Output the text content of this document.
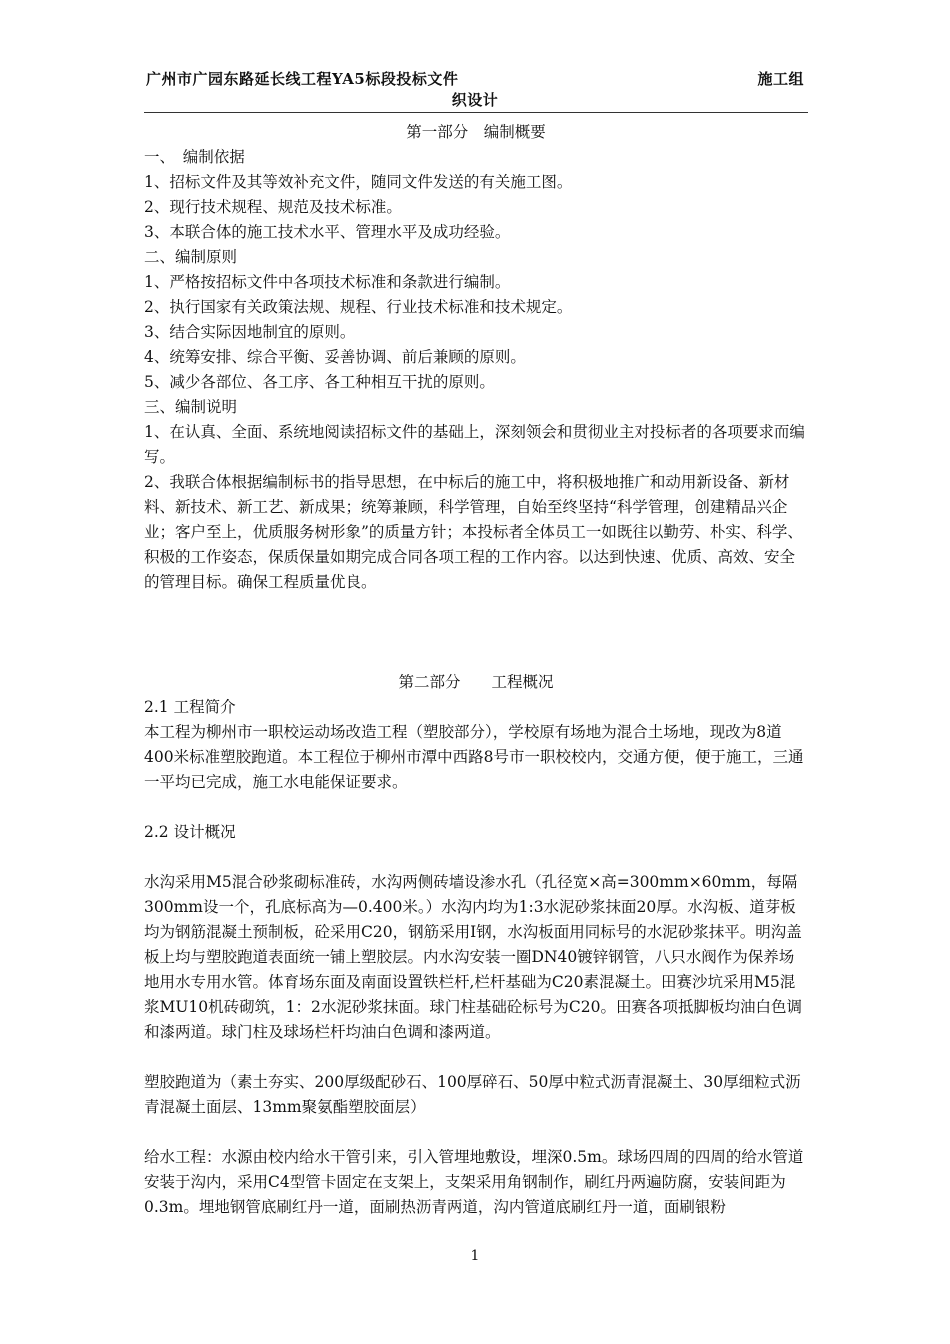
广州市广园东路延长线工程YA5标段投标文件	施工组
织设计

第一部分　编制概要

一、　编制依据

1、招标文件及其等效补充文件，随同文件发送的有关施工图。

2、现行技术规程、规范及技术标准。

3、本联合体的施工技术水平、管理水平及成功经验。

二、编制原则

1、严格按招标文件中各项技术标准和条款进行编制。

2、执行国家有关政策法规、规程、行业技术标准和技术规定。

3、结合实际因地制宜的原则。

4、统筹安排、综合平衡、妥善协调、前后兼顾的原则。

5、减少各部位、各工序、各工种相互干扰的原则。

三、编制说明

1、在认真、全面、系统地阅读招标文件的基础上，深刻领会和贯彻业主对投标者的各项要求而编写。

2、我联合体根据编制标书的指导思想，在中标后的施工中，将积极地推广和动用新设备、新材料、新技术、新工艺、新成果；统筹兼顾，科学管理，自始至终坚持“科学管理，创建精品兴企业；客户至上，优质服务树形象”的质量方针；本投标者全体员工一如既往以勤劳、朴实、科学、积极的工作姿态，保质保量如期完成合同各项工程的工作内容。以达到快速、优质、高效、安全的管理目标。确保工程质量优良。

第二部分　　工程概况

2.1 工程简介

本工程为柳州市一职校运动场改造工程（塑胶部分），学校原有场地为混合土场地，现改为8道400米标准塑胶跑道。本工程位于柳州市潭中西路8号市一职校校内，交通方便，便于施工，三通一平均已完成，施工水电能保证要求。

2.2 设计概况

水沟采用M5混合砂浆砌标准砖，水沟两侧砖墙设渗水孔（孔径宽×高=300mm×60mm，每隔300mm设一个，孔底标高为—0.400米。）水沟内均为1:3水泥砂浆抹面20厚。水沟板、道芽板均为钢筋混凝土预制板，砼采用C20，钢筋采用I钢，水沟板面用同标号的水泥砂浆抹平。明沟盖板上均与塑胶跑道表面统一铺上塑胶层。内水沟安装一圈DN40镀锌钢管，八只水阀作为保养场地用水专用水管。体育场东面及南面设置铁栏杆,栏杆基础为C20素混凝土。田赛沙坑采用M5混浆MU10机砖砌筑，1：2水泥砂浆抹面。球门柱基础砼标号为C20。田赛各项抵脚板均油白色调和漆两道。球门柱及球场栏杆均油白色调和漆两道。

塑胶跑道为（素土夯实、200厚级配砂石、100厚碎石、50厚中粒式沥青混凝土、30厚细粒式沥青混凝土面层、13mm聚氨酯塑胶面层）

给水工程：水源由校内给水干管引来，引入管埋地敷设，埋深0.5m。球场四周的四周的给水管道安装于沟内，采用C4型管卡固定在支架上，支架采用角钢制作，刷红丹两遍防腐，安装间距为0.3m。埋地钢管底刷红丹一道，面刷热沥青两道，沟内管道底刷红丹一道，面刷银粉

1
